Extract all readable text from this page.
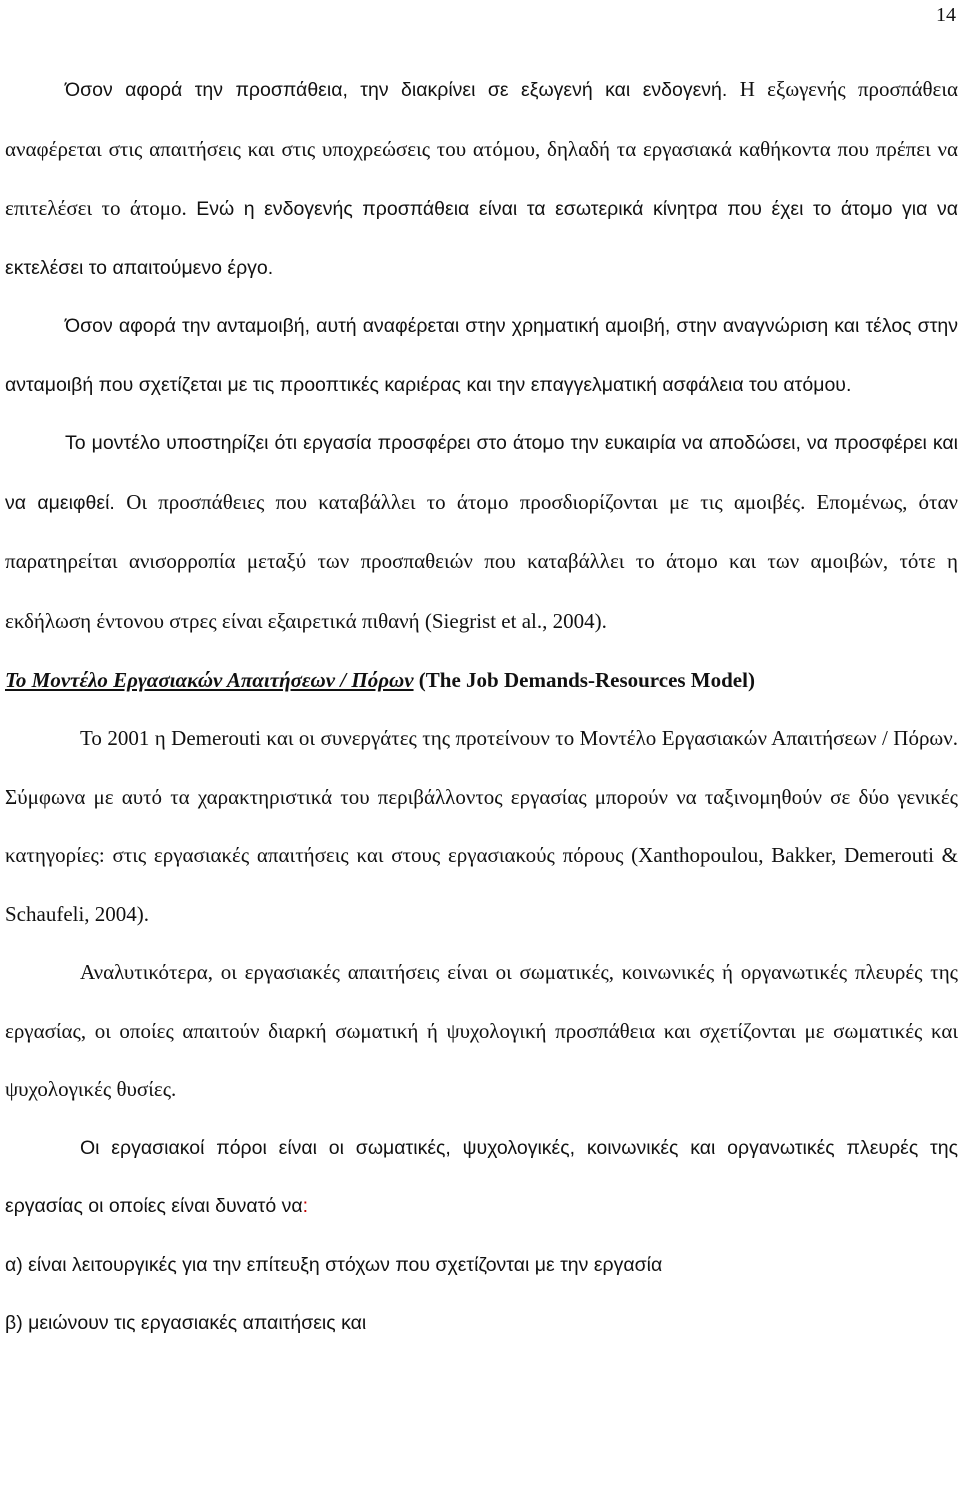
14

Όσον αφορά την προσπάθεια, την διακρίνει σε εξωγενή και ενδογενή. Η εξωγενής προσπάθεια αναφέρεται στις απαιτήσεις και στις υποχρεώσεις του ατόμου, δηλαδή τα εργασιακά καθήκοντα που πρέπει να επιτελέσει το άτομο. Ενώ η ενδογενής προσπάθεια είναι τα εσωτερικά κίνητρα που έχει το άτομο για να εκτελέσει το απαιτούμενο έργο.

Όσον αφορά την ανταμοιβή, αυτή αναφέρεται στην χρηματική αμοιβή, στην αναγνώριση και τέλος στην ανταμοιβή που σχετίζεται με τις προοπτικές καριέρας και την επαγγελματική ασφάλεια του ατόμου.

Το μοντέλο υποστηρίζει ότι εργασία προσφέρει στο άτομο την ευκαιρία να αποδώσει, να προσφέρει και να αμειφθεί. Οι προσπάθειες που καταβάλλει το άτομο προσδιορίζονται με τις αμοιβές. Επομένως, όταν παρατηρείται ανισορροπία μεταξύ των προσπαθειών που καταβάλλει το άτομο και των αμοιβών, τότε η εκδήλωση έντονου στρες είναι εξαιρετικά πιθανή (Siegrist et al., 2004).

Το Μοντέλο Εργασιακών Απαιτήσεων / Πόρων (The Job Demands-Resources Model)

Το 2001 η Demerouti και οι συνεργάτες της προτείνουν το Μοντέλο Εργασιακών Απαιτήσεων / Πόρων. Σύμφωνα με αυτό τα χαρακτηριστικά του περιβάλλοντος εργασίας μπορούν να ταξινομηθούν σε δύο γενικές κατηγορίες: στις εργασιακές απαιτήσεις και στους εργασιακούς πόρους (Xanthopoulou, Bakker, Demerouti & Schaufeli, 2004).

Αναλυτικότερα, οι εργασιακές απαιτήσεις είναι οι σωματικές, κοινωνικές ή οργανωτικές πλευρές της εργασίας, οι οποίες απαιτούν διαρκή σωματική ή ψυχολογική προσπάθεια και σχετίζονται με σωματικές και ψυχολογικές θυσίες.

Οι εργασιακοί πόροι είναι οι σωματικές, ψυχολογικές, κοινωνικές και οργανωτικές πλευρές της εργασίας οι οποίες είναι δυνατό να:

α) είναι λειτουργικές για την επίτευξη στόχων που σχετίζονται με την εργασία

β) μειώνουν τις εργασιακές απαιτήσεις και
